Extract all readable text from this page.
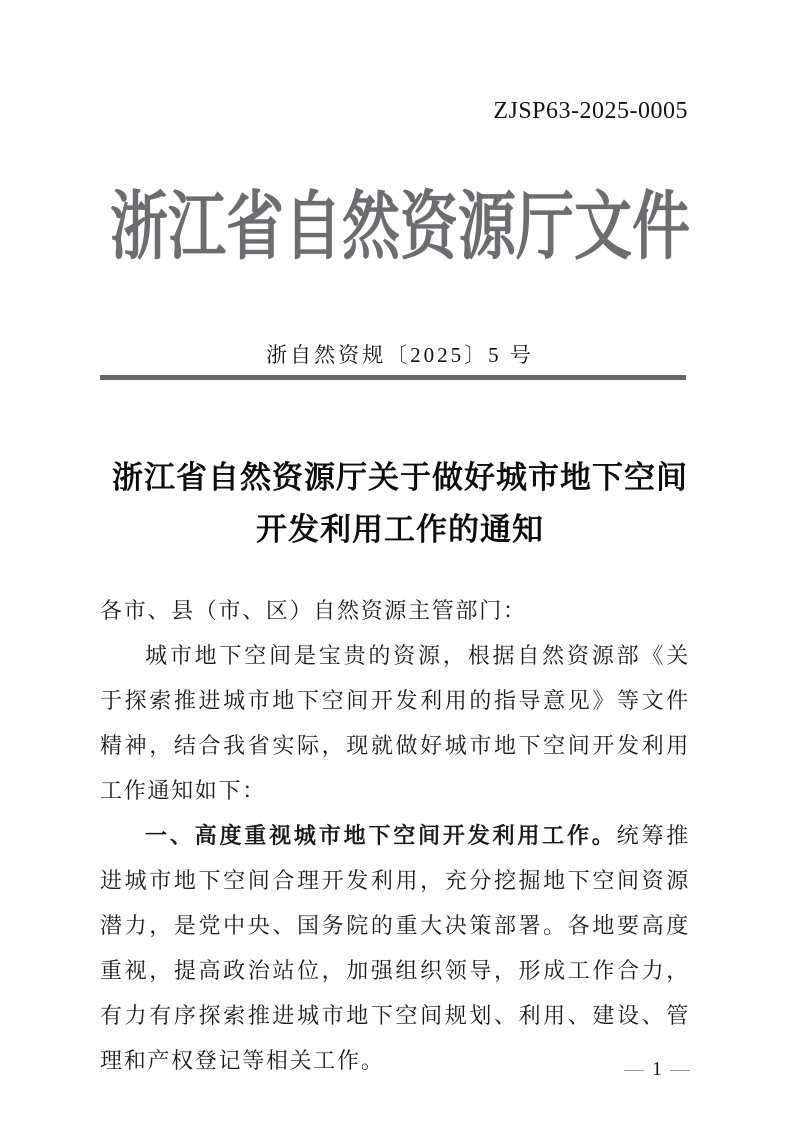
ZJSP63-2025-0005
浙江省自然资源厅文件
浙自然资规〔2025〕5 号
浙江省自然资源厅关于做好城市地下空间
开发利用工作的通知

各市、县（市、区）自然资源主管部门：

城市地下空间是宝贵的资源，根据自然资源部《关于探索推进城市地下空间开发利用的指导意见》等文件精神，结合我省实际，现就做好城市地下空间开发利用工作通知如下：

一、高度重视城市地下空间开发利用工作。统筹推进城市地下空间合理开发利用，充分挖掘地下空间资源潜力，是党中央、国务院的重大决策部署。各地要高度重视，提高政治站位，加强组织领导，形成工作合力，有力有序探索推进城市地下空间规划、利用、建设、管理和产权登记等相关工作。	— 1 —
